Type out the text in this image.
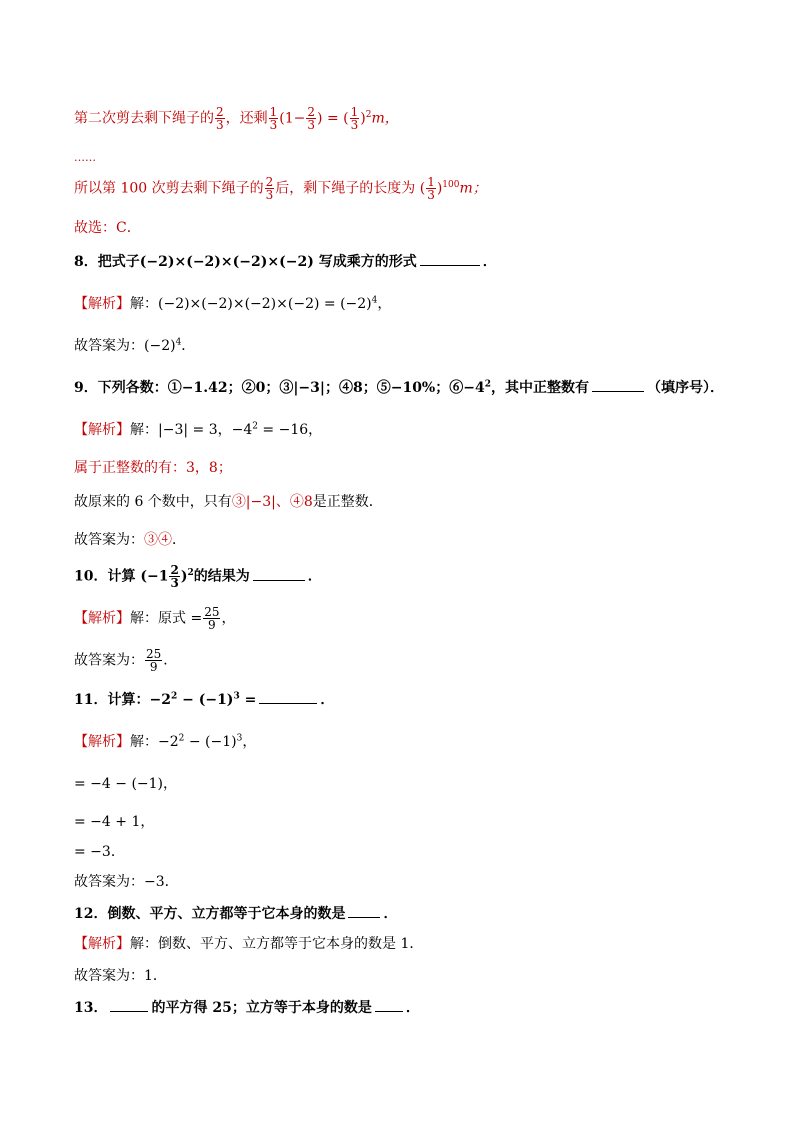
第二次剪去剩下绳子的 $\frac{2}{3}$ ，还剩 $\frac{1}{3} (1- \frac{2}{3}$ ) = ( $\frac{1}{3} )^2m$，
……
所以第 100 次剪去剩下绳子的 $\frac{2}{3}$ 后，剩下绳子的长度为 ( $\frac{1}{3} )^{100}m$；
故选：C．
8．把式子(−2)×(−2)×(−2)×(−2) 写成乘方的形式	．
【解析】解：$(-2)\times(-2)\times(-2)\times(-2) = (-2)^4$，
故答案为：$(-2)^4$．
9．下列各数：①−1.42；②0；③|−3|；④8；⑤−10%；$⑥-4^2$，其中正整数有	（填序号）．
【解析】解：|−3| = 3，$-4^2 = -16$，
属于正整数的有：3，8；
故原来的 6 个数中，只有③|−3|、④8是正整数．
故答案为：③④．
10．计算 $(-1 \frac{2}{3} )^2$的结果为	．
【解析】解：原式 = $\frac{25}{9}$ ，
故答案为： $\frac{25}{9}$ ．
11．计算：$-2^2 - (-1)^3$ =	．
【解析】解：$-2^2 - (-1)^3$，
= −4 − (−1)，
= −4 + 1，
= −3．
故答案为：−3．
12．倒数、平方、立方都等于它本身的数是	．
【解析】解：倒数、平方、立方都等于它本身的数是 1．
故答案为：1．
13．	的平方得 25；立方等于本身的数是 ．
